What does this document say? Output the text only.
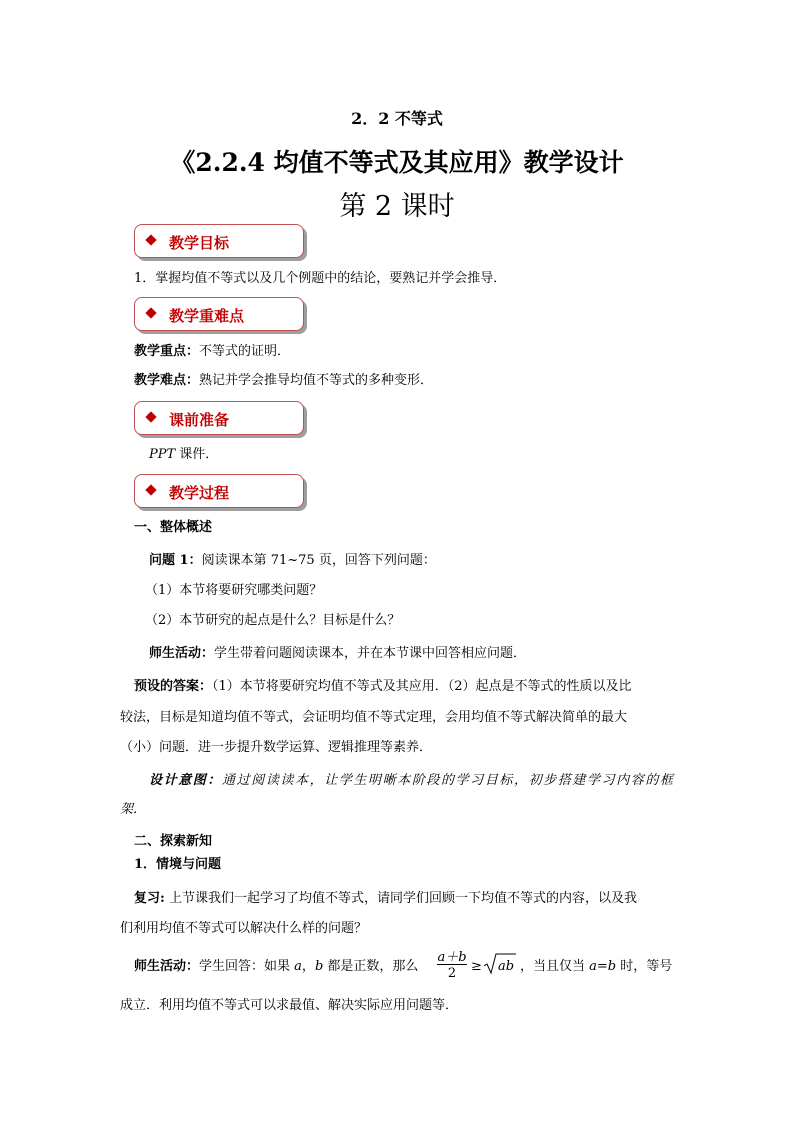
2．2 不等式
《2.2.4 均值不等式及其应用》教学设计
第 2 课时
教学目标
1．掌握均值不等式以及几个例题中的结论，要熟记并学会推导．
教学重难点
教学重点：不等式的证明．
教学难点：熟记并学会推导均值不等式的多种变形．
课前准备
PPT 课件．
教学过程
一、整体概述
问题 1：阅读课本第 71~75 页，回答下列问题：
（1）本节将要研究哪类问题？
（2）本节研究的起点是什么？目标是什么？
师生活动：学生带着问题阅读课本，并在本节课中回答相应问题．
预设的答案：（1）本节将要研究均值不等式及其应用．（2）起点是不等式的性质以及比
较法，目标是知道均值不等式，会证明均值不等式定理，会用均值不等式解决简单的最大
（小）问题．进一步提升数学运算、逻辑推理等素养．
设计意图：通过阅读读本，让学生明晰本阶段的学习目标，初步搭建学习内容的框
架．
二、探索新知
1．情境与问题
复习: 上节课我们一起学习了均值不等式，请同学们回顾一下均值不等式的内容，以及我
们利用均值不等式可以解决什么样的问题？
师生活动：学生回答：如果 a，b 都是正数，那么
a＋b
2	≥ ab ，当且仅当 a=b 时，等号
成立．利用均值不等式可以求最值、解决实际应用问题等．
